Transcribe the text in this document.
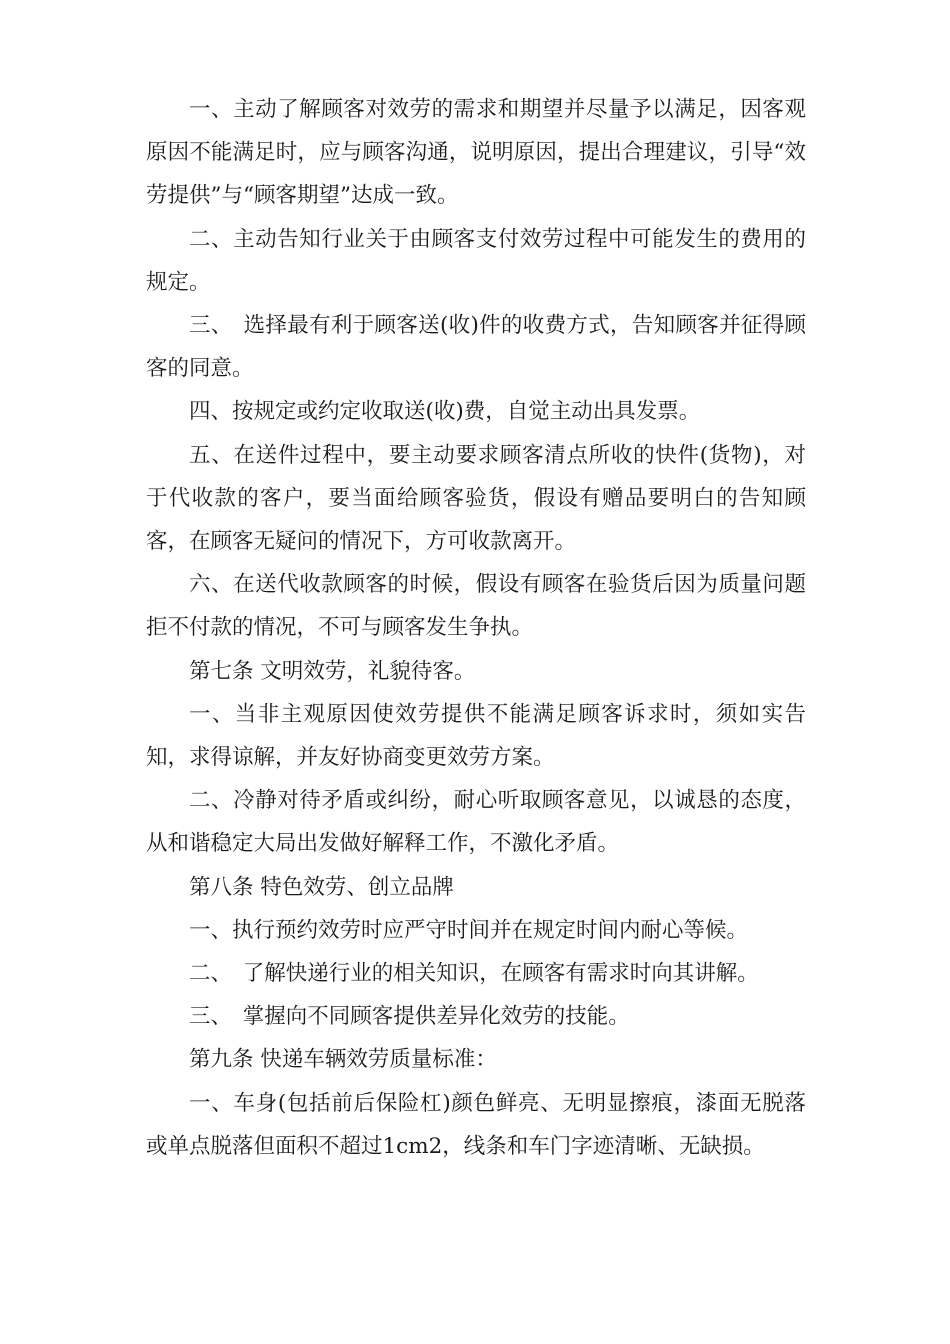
一、主动了解顾客对效劳的需求和期望并尽量予以满足，因客观原因不能满足时，应与顾客沟通，说明原因，提出合理建议，引导“效劳提供”与“顾客期望”达成一致。

二、主动告知行业关于由顾客支付效劳过程中可能发生的费用的规定。

三、　选择最有利于顾客送(收)件的收费方式，告知顾客并征得顾客的同意。

四、按规定或约定收取送(收)费，自觉主动出具发票。

五、在送件过程中，要主动要求顾客清点所收的快件(货物)，对于代收款的客户，要当面给顾客验货，假设有赠品要明白的告知顾客，在顾客无疑问的情况下，方可收款离开。

六、在送代收款顾客的时候，假设有顾客在验货后因为质量问题拒不付款的情况，不可与顾客发生争执。

第七条 文明效劳，礼貌待客。

一、当非主观原因使效劳提供不能满足顾客诉求时，须如实告知，求得谅解，并友好协商变更效劳方案。

二、冷静对待矛盾或纠纷，耐心听取顾客意见，以诚恳的态度，从和谐稳定大局出发做好解释工作，不激化矛盾。

第八条 特色效劳、创立品牌

一、执行预约效劳时应严守时间并在规定时间内耐心等候。

二、　了解快递行业的相关知识，在顾客有需求时向其讲解。

三、　掌握向不同顾客提供差异化效劳的技能。

第九条 快递车辆效劳质量标准：

一、车身(包括前后保险杠)颜色鲜亮、无明显擦痕，漆面无脱落或单点脱落但面积不超过1cm2，线条和车门字迹清晰、无缺损。
